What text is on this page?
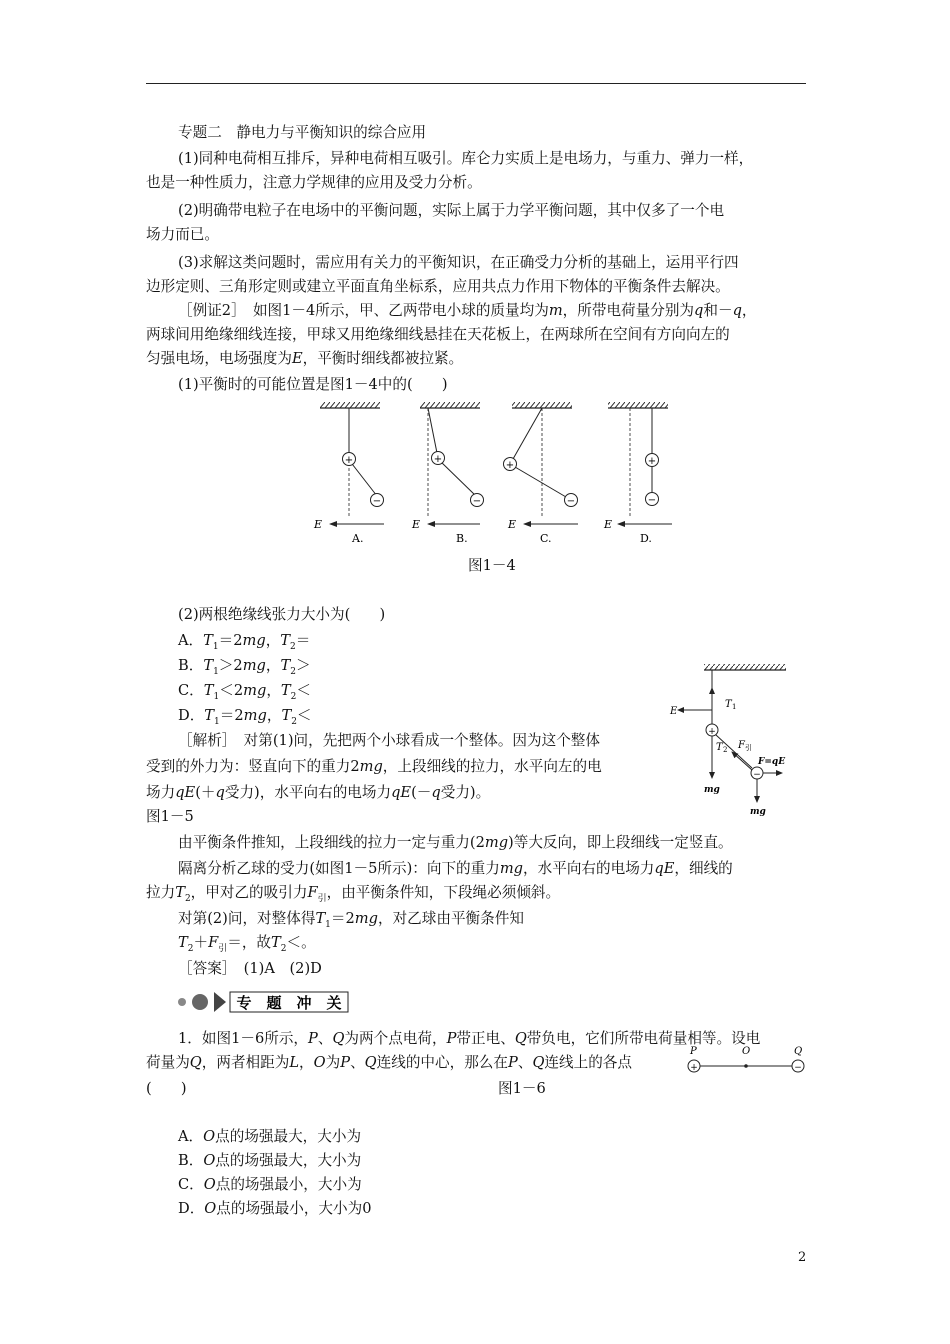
专题二　静电力与平衡知识的综合应用
(1)同种电荷相互排斥，异种电荷相互吸引。库仑力实质上是电场力，与重力、弹力一样，
也是一种性质力，注意力学规律的应用及受力分析。
(2)明确带电粒子在电场中的平衡问题，实际上属于力学平衡问题，其中仅多了一个电
场力而已。
(3)求解这类问题时，需应用有关力的平衡知识，在正确受力分析的基础上，运用平行四
边形定则、三角形定则或建立平面直角坐标系，应用共点力作用下物体的平衡条件去解决。
［例证2］　如图1－4所示，甲、乙两带电小球的质量均为m，所带电荷量分别为q和－q，
两球间用绝缘细线连接，甲球又用绝缘细线悬挂在天花板上，在两球所在空间有方向向左的
匀强电场，电场强度为E，平衡时细线都被拉紧。
(1)平衡时的可能位置是图1－4中的(　　)
+
−
E
A.
+
−
E
B.
+
−
E
C.
+
−
E
D.
图1－4
(2)两根绝缘线张力大小为(　　)
A．$T_1=2mg$，$T_2=$
B．$T_1>2mg$，$T_2>$
C．$T_1<2mg$，$T_2<$
D．$T_1=2mg$，$T_2<$
［解析］　对第(1)问，先把两个小球看成一个整体。因为这个整体
受到的外力为：竖直向下的重力2mg，上段细线的拉力，水平向左的电
场力qE(＋q受力)，水平向右的电场力qE(－q受力)。
图1－5
T 1
E
+
mg
T 2 F 引
−
F=qE
mg
由平衡条件推知，上段细线的拉力一定与重力(2mg)等大反向，即上段细线一定竖直。
隔离分析乙球的受力(如图1－5所示)：向下的重力mg，水平向右的电场力qE，细线的
拉力$T_2$，甲对乙的吸引力$F_引$，由平衡条件知，下段绳必须倾斜。
对第(2)问，对整体得$T_1=2mg$，对乙球由平衡条件知
$T_2+F_引=$，故$T_2<$。
［答案］　(1)A　(2)D
专 题 冲 关
1．如图1－6所示，P、Q为两个点电荷，P带正电、Q带负电，它们所带电荷量相等。设电
荷量为Q，两者相距为L，O为P、Q连线的中心，那么在P、Q连线上的各点
(　　)	图1－6
P	O	Q
+	−
A．O点的场强最大，大小为
B．O点的场强最大，大小为
C．O点的场强最小，大小为
D．O点的场强最小，大小为0
2
